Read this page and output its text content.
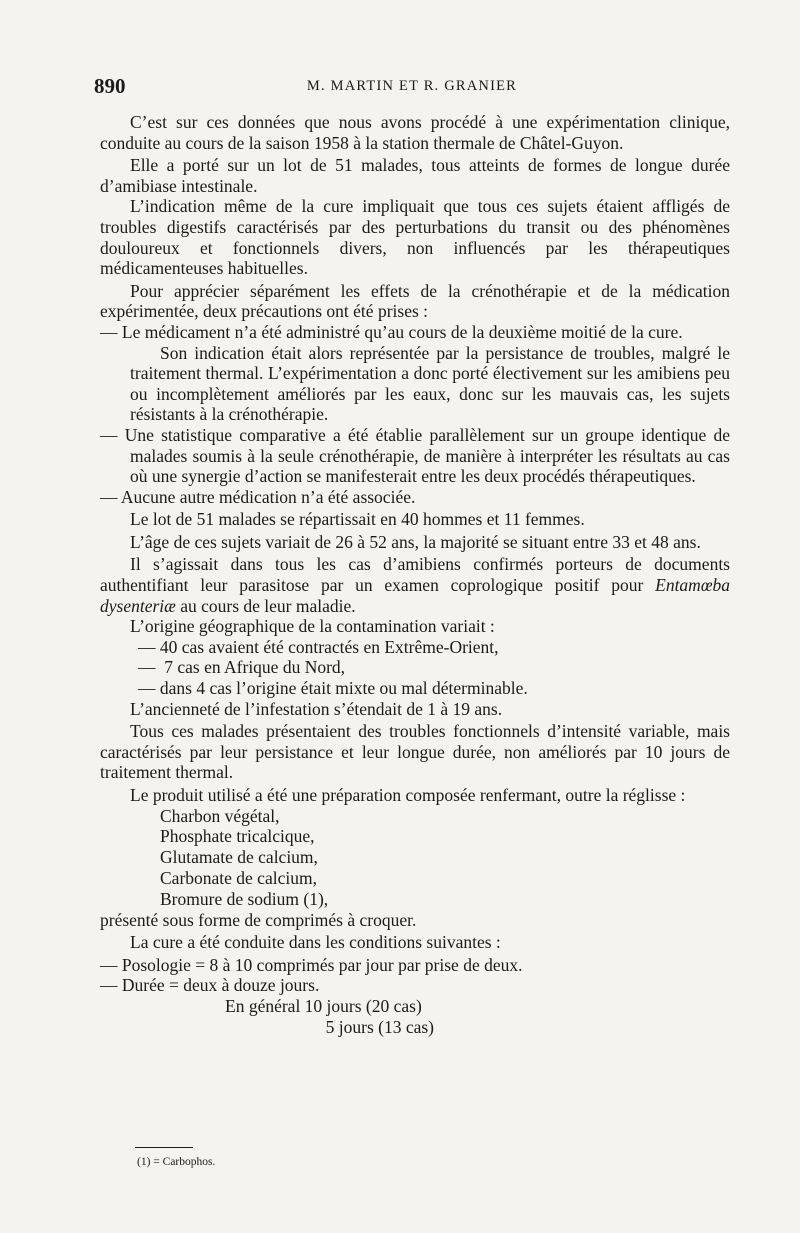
890	M. MARTIN ET R. GRANIER

C’est sur ces données que nous avons procédé à une expérimentation clinique, conduite au cours de la saison 1958 à la station thermale de Châtel-Guyon.

Elle a porté sur un lot de 51 malades, tous atteints de formes de longue durée d’amibiase intestinale.

L’indication même de la cure impliquait que tous ces sujets étaient affligés de troubles digestifs caractérisés par des perturbations du transit ou des phénomènes douloureux et fonctionnels divers, non influencés par les thérapeutiques médicamenteuses habituelles.

Pour apprécier séparément les effets de la crénothérapie et de la médication expérimentée, deux précautions ont été prises :

— Le médicament n’a été administré qu’au cours de la deuxième moitié de la cure.

Son indication était alors représentée par la persistance de troubles, malgré le traitement thermal. L’expérimentation a donc porté électivement sur les amibiens peu ou incomplètement améliorés par les eaux, donc sur les mauvais cas, les sujets résistants à la crénothérapie.

— Une statistique comparative a été établie parallèlement sur un groupe identique de malades soumis à la seule crénothérapie, de manière à interpréter les résultats au cas où une synergie d’action se manifesterait entre les deux procédés thérapeutiques.

— Aucune autre médication n’a été associée.

Le lot de 51 malades se répartissait en 40 hommes et 11 femmes.

L’âge de ces sujets variait de 26 à 52 ans, la majorité se situant entre 33 et 48 ans.

Il s’agissait dans tous les cas d’amibiens confirmés porteurs de documents authentifiant leur parasitose par un examen coprologique positif pour Entamœba dysenteriæ au cours de leur maladie.

L’origine géographique de la contamination variait :

— 40 cas avaient été contractés en Extrême-Orient,
—  7 cas en Afrique du Nord,
— dans 4 cas l’origine était mixte ou mal déterminable.

L’ancienneté de l’infestation s’étendait de 1 à 19 ans.

Tous ces malades présentaient des troubles fonctionnels d’intensité variable, mais caractérisés par leur persistance et leur longue durée, non améliorés par 10 jours de traitement thermal.

Le produit utilisé a été une préparation composée renfermant, outre la réglisse :

Charbon végétal,
Phosphate tricalcique,
Glutamate de calcium,
Carbonate de calcium,
Bromure de sodium (1),

présenté sous forme de comprimés à croquer.

La cure a été conduite dans les conditions suivantes :

— Posologie = 8 à 10 comprimés par jour par prise de deux.

— Durée = deux à douze jours.

En général 10 jours (20 cas)
5 jours (13 cas)
(1) = Carbophos.
